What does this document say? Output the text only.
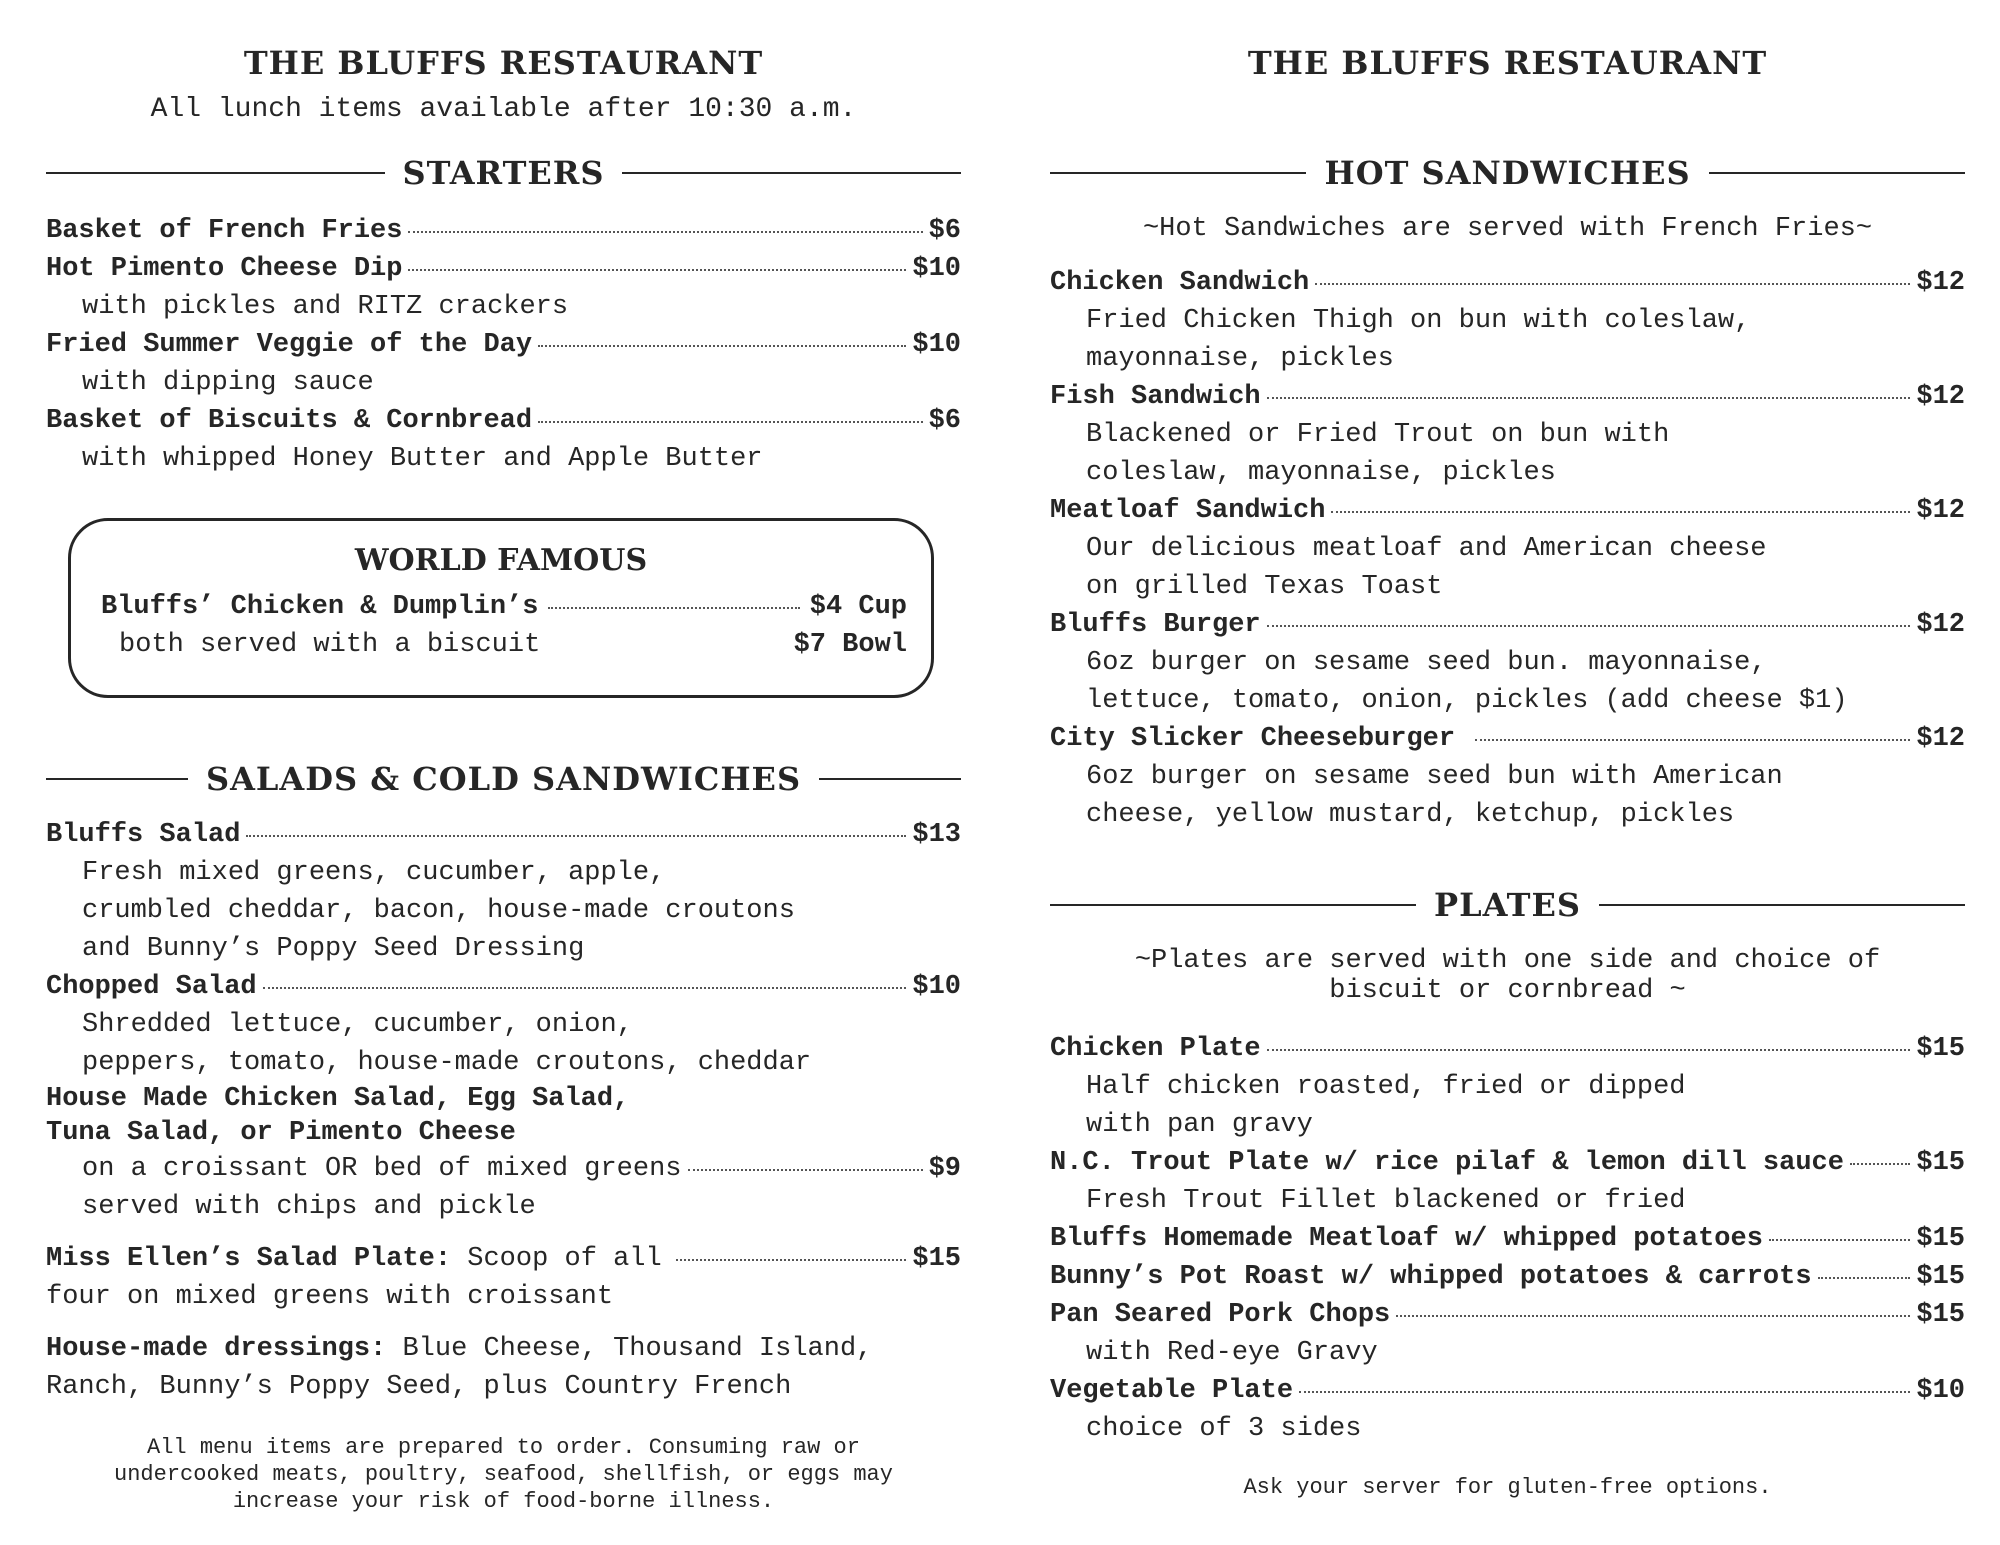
THE BLUFFS RESTAURANT
All lunch items available after 10:30 a.m.
STARTERS
Basket of French Fries	$6
Hot Pimento Cheese Dip	$10
with pickles and RITZ crackers
Fried Summer Veggie of the Day	$10
with dipping sauce
Basket of Biscuits & Cornbread	$6
with whipped Honey Butter and Apple Butter
WORLD FAMOUS
Bluffs’ Chicken & Dumplin’s	$4 Cup
both served with a biscuit	$7 Bowl
SALADS & COLD SANDWICHES
Bluffs Salad	$13
Fresh mixed greens, cucumber, apple,
crumbled cheddar, bacon, house-made croutons
and Bunny’s Poppy Seed Dressing
Chopped Salad	$10
Shredded lettuce, cucumber, onion,
peppers, tomato, house-made croutons, cheddar
House Made Chicken Salad, Egg Salad,
Tuna Salad, or Pimento Cheese
on a croissant OR bed of mixed greens	$9
served with chips and pickle
Miss Ellen’s Salad Plate: Scoop of all	$15
four on mixed greens with croissant
House-made dressings: Blue Cheese, Thousand Island,
Ranch, Bunny’s Poppy Seed, plus Country French
All menu items are prepared to order. Consuming raw or
undercooked meats, poultry, seafood, shellfish, or eggs may
increase your risk of food-borne illness.
THE BLUFFS RESTAURANT
HOT SANDWICHES
~Hot Sandwiches are served with French Fries~
Chicken Sandwich	$12
Fried Chicken Thigh on bun with coleslaw,
mayonnaise, pickles
Fish Sandwich	$12
Blackened or Fried Trout on bun with
coleslaw, mayonnaise, pickles
Meatloaf Sandwich	$12
Our delicious meatloaf and American cheese
on grilled Texas Toast
Bluffs Burger	$12
6oz burger on sesame seed bun. mayonnaise,
lettuce, tomato, onion, pickles (add cheese $1)
City Slicker Cheeseburger	$12
6oz burger on sesame seed bun with American
cheese, yellow mustard, ketchup, pickles
PLATES
~Plates are served with one side and choice of
biscuit or cornbread ~
Chicken Plate	$15
Half chicken roasted, fried or dipped
with pan gravy
N.C. Trout Plate w/ rice pilaf & lemon dill sauce	$15
Fresh Trout Fillet blackened or fried
Bluffs Homemade Meatloaf w/ whipped potatoes	$15
Bunny’s Pot Roast w/ whipped potatoes & carrots	$15
Pan Seared Pork Chops	$15
with Red-eye Gravy
Vegetable Plate	$10
choice of 3 sides
Ask your server for gluten-free options.
